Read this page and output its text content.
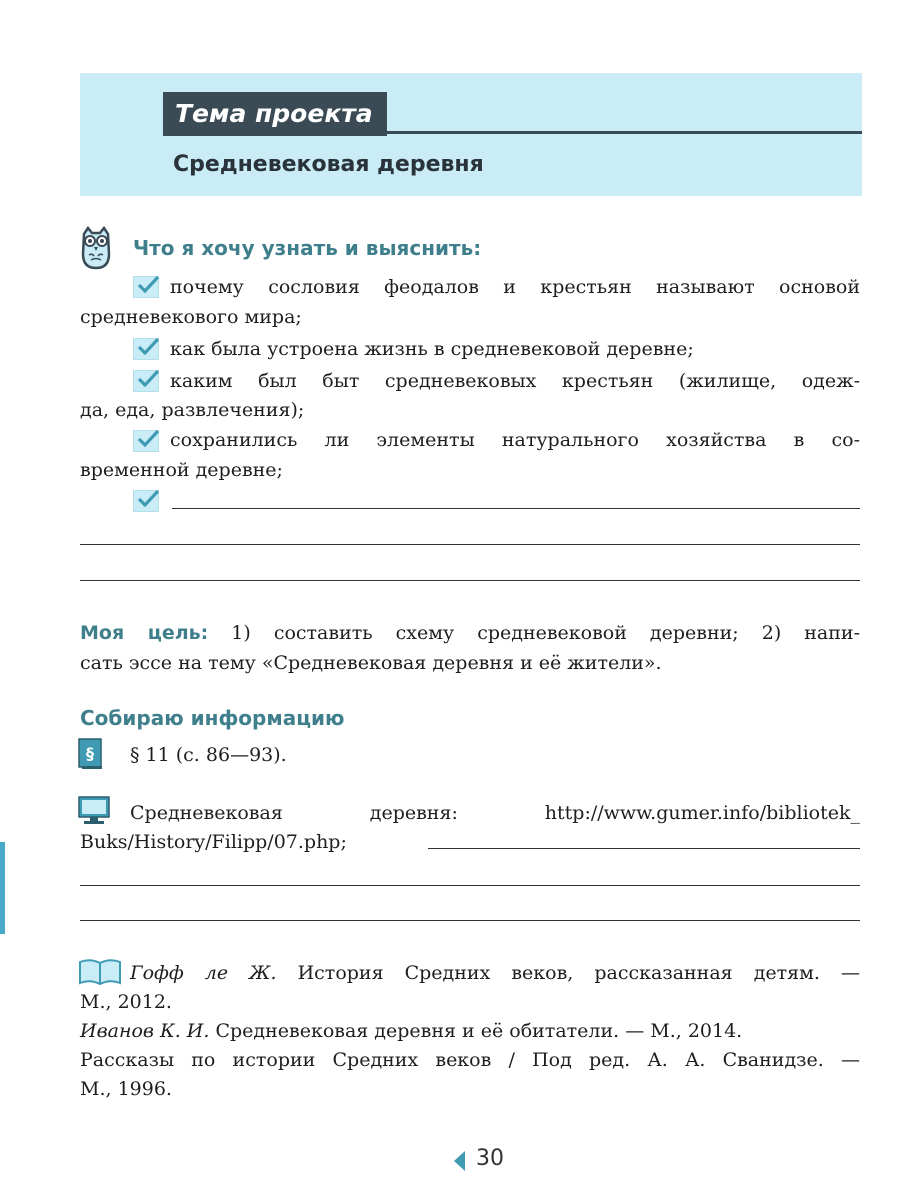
Тема проекта
Средневековая деревня
Что я хочу узнать и выяснить:
почему сословия феодалов и крестьян называют основой
средневекового мира;
как была устроена жизнь в средневековой деревне;
каким был быт средневековых крестьян (жилище, одеж-
да, еда, развлечения);
сохранились ли элементы натурального хозяйства в со-
временной деревне;
Моя цель: 1) составить схему средневековой деревни; 2) напи-
сать эссе на тему «Средневековая деревня и её жители».
Собираю информацию
§ § 11 (с. 86—93).
Средневековая деревня: http://www.gumer.info/bibliotek_
Buks/History/Filipp/07.php;
Гофф ле Ж. История Средних веков, рассказанная детям. —
М., 2012.
Иванов К. И. Средневековая деревня и её обитатели. — М., 2014.
Рассказы по истории Средних веков / Под ред. А. А. Сванидзе. —
М., 1996.
30
